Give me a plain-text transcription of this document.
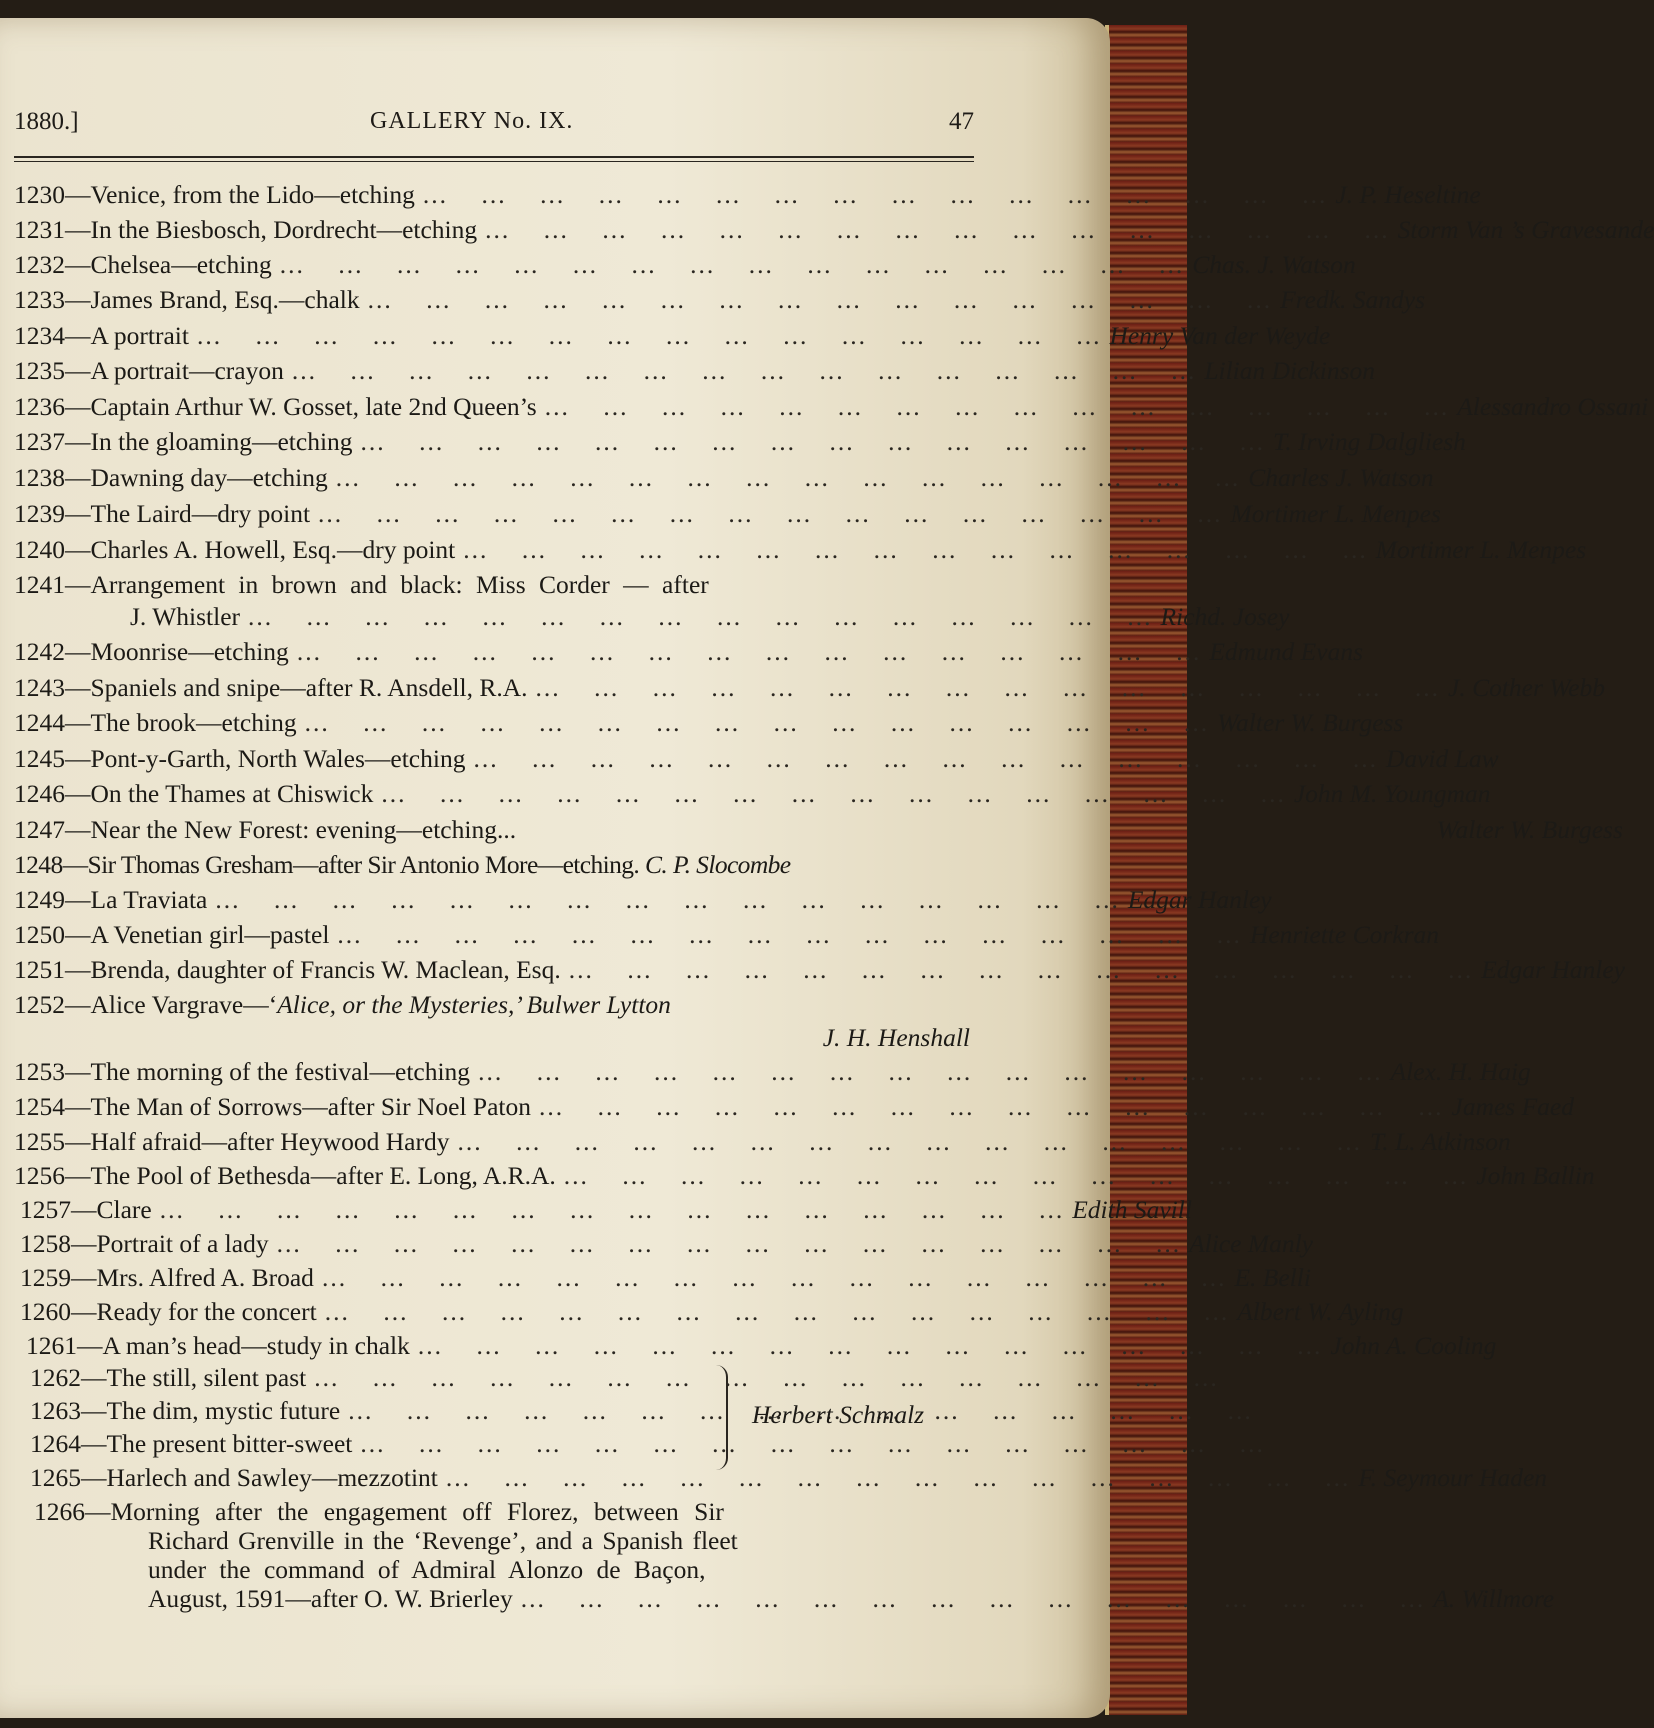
1880.]	GALLERY No. IX.	47
1230—Venice, from the Lido—etching ...	J. P. Heseltine
1231—In the Biesbosch, Dordrecht—etching ...	Storm Van ’s Gravesande
1232—Chelsea—etching ...	Chas. J. Watson
1233—James Brand, Esq.—chalk ...	Fredk. Sandys
1234—A portrait ...	Henry Van der Weyde
1235—A portrait—crayon ...	Lilian Dickinson
1236—Captain Arthur W. Gosset, late 2nd Queen’s ...	Alessandro Ossani
1237—In the gloaming—etching ...	T. Irving Dalgliesh
1238—Dawning day—etching ...	Charles J. Watson
1239—The Laird—dry point ...	Mortimer L. Menpes
1240—Charles A. Howell, Esq.—dry point ...	Mortimer L. Menpes
1241—Arrangement in brown and black: Miss Corder — after
J. Whistler ...	Richd. Josey
1242—Moonrise—etching ...	Edmund Evans
1243—Spaniels and snipe—after R. Ansdell, R.A. ...	J. Cother Webb
1244—The brook—etching ...	Walter W. Burgess
1245—Pont-y-Garth, North Wales—etching ...	David Law
1246—On the Thames at Chiswick ...	John M. Youngman
1247—Near the New Forest: evening—etching...	Walter W. Burgess
1248—Sir Thomas Gresham—after Sir Antonio More—etching. C. P. Slocombe
1249—La Traviata ...	Edgar Hanley
1250—A Venetian girl—pastel ...	Henriette Corkran
1251—Brenda, daughter of Francis W. Maclean, Esq. ...	Edgar Hanley
1252—Alice Vargrave—‘Alice, or the Mysteries,’ Bulwer Lytton
J. H. Henshall
1253—The morning of the festival—etching ...	Alex. H. Haig
1254—The Man of Sorrows—after Sir Noel Paton ...	James Faed
1255—Half afraid—after Heywood Hardy ...	T. L. Atkinson
1256—The Pool of Bethesda—after E. Long, A.R.A. ...	John Ballin
1257—Clare ...	Edith Savill
1258—Portrait of a lady ...	Alice Manly
1259—Mrs. Alfred A. Broad ...	E. Belli
1260—Ready for the concert ...	Albert W. Ayling
1261—A man’s head—study in chalk ...	John A. Cooling
1262—The still, silent past
...
1263—The dim, mystic future
...
1264—The present bitter-sweet
...
Herbert Schmalz
1265—Harlech and Sawley—mezzotint ...	F. Seymour Haden
1266—Morning after the engagement off Florez, between Sir
Richard Grenville in the ‘Revenge’, and a Spanish fleet
under the command of Admiral Alonzo de Baçon,
August, 1591—after O. W. Brierley ...	A. Willmore
